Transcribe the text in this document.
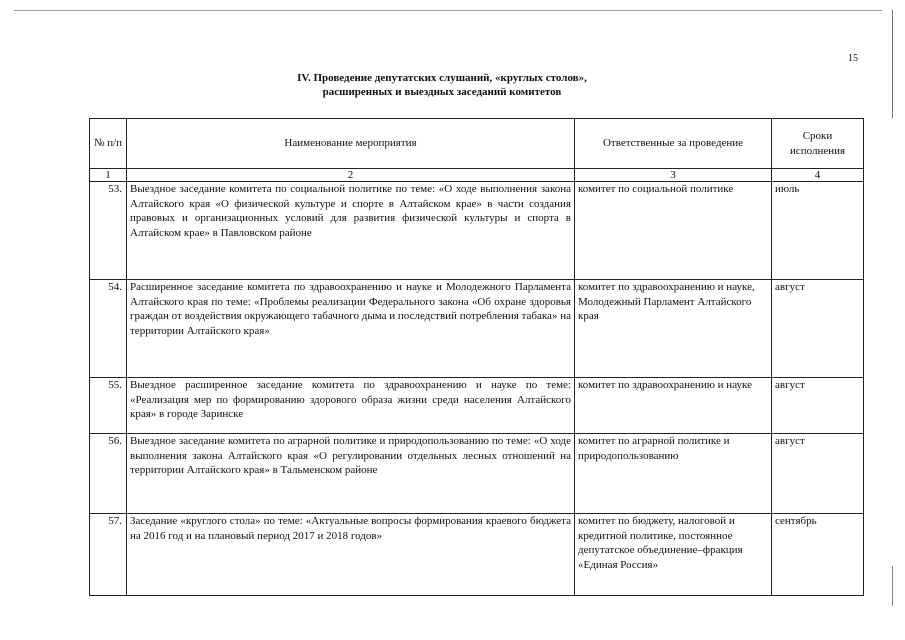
15
IV. Проведение депутатских слушаний, «круглых столов»,
расширенных и выездных заседаний комитетов
№ п/п	Наименование мероприятия	Ответственные за проведение	Сроки исполнения
1	2	3	4
53.	Выездное заседание комитета по социальной политике по теме: «О ходе выполнения закона Алтайского края «О физической культуре и спорте в Алтайском крае» в части создания правовых и организационных условий для развития физической культуры и спорта в Алтайском крае» в Павловском районе	комитет по социальной политике	июль
54.	Расширенное заседание комитета по здравоохранению и науке и Молодежного Парламента Алтайского края по теме: «Проблемы реализации Федерального закона «Об охране здоровья граждан от воздействия окружающего табачного дыма и последствий потребления табака» на территории Алтайского края»	комитет по здравоохранению и науке, Молодежный Парламент Алтайского края	август
55.	Выездное расширенное заседание комитета по здравоохранению и науке по теме: «Реализация мер по формированию здорового образа жизни среди населения Алтайского края» в городе Заринске	комитет по здравоохранению и науке	август
56.	Выездное заседание комитета по аграрной политике и природопользованию по теме: «О ходе выполнения закона Алтайского края «О регулировании отдельных лесных отношений на территории Алтайского края» в Тальменском районе	комитет по аграрной политике и природопользованию	август
57.	Заседание «круглого стола» по теме: «Актуальные вопросы формирования краевого бюджета на 2016 год и на плановый период 2017 и 2018 годов»	комитет по бюджету, налоговой и кредитной политике, постоянное депутатское объединение–фракция «Единая Россия»	сентябрь
